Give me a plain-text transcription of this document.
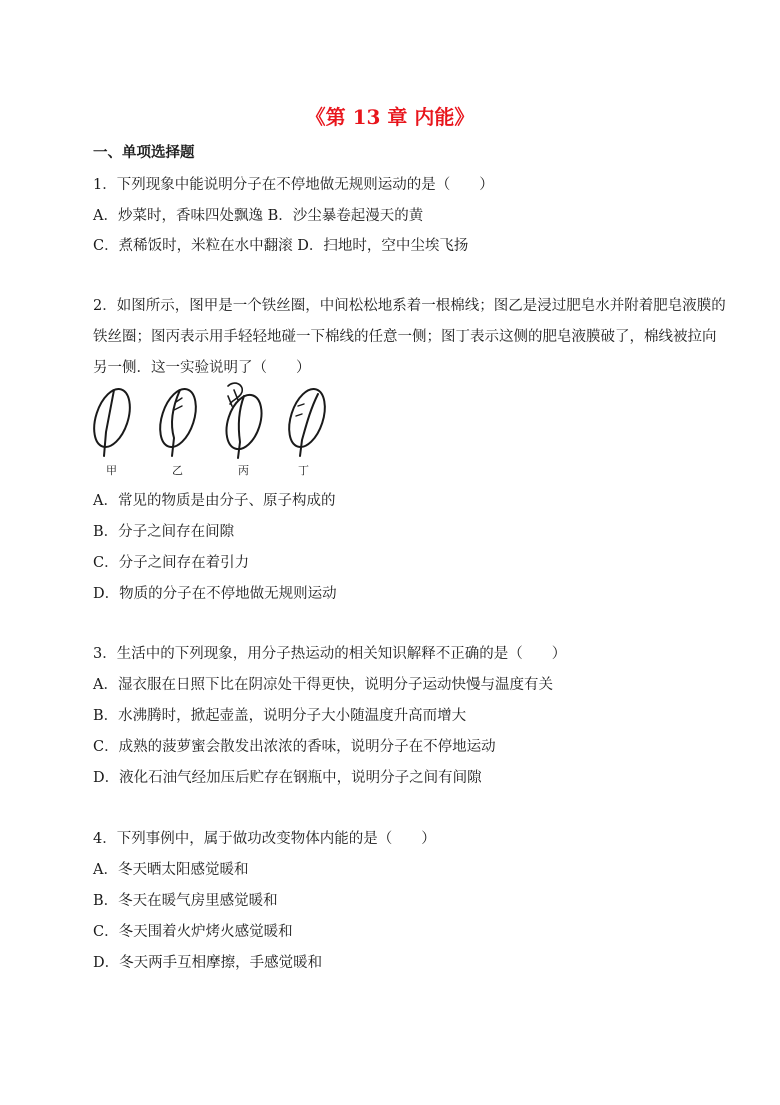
《第 13 章 内能》
一、单项选择题
1．下列现象中能说明分子在不停地做无规则运动的是（　　）
A．炒菜时，香味四处飘逸 B．沙尘暴卷起漫天的黄
C．煮稀饭时，米粒在水中翻滚 D．扫地时，空中尘埃飞扬
2．如图所示，图甲是一个铁丝圈，中间松松地系着一根棉线；图乙是浸过肥皂水并附着肥皂液膜的
铁丝圈；图丙表示用手轻轻地碰一下棉线的任意一侧；图丁表示这侧的肥皂液膜破了，棉线被拉向
另一侧．这一实验说明了（　　）
甲	乙	丙	丁
A．常见的物质是由分子、原子构成的
B．分子之间存在间隙
C．分子之间存在着引力
D．物质的分子在不停地做无规则运动
3．生活中的下列现象，用分子热运动的相关知识解释不正确的是（　　）
A．湿衣服在日照下比在阴凉处干得更快，说明分子运动快慢与温度有关
B．水沸腾时，掀起壶盖，说明分子大小随温度升高而增大
C．成熟的菠萝蜜会散发出浓浓的香味，说明分子在不停地运动
D．液化石油气经加压后贮存在钢瓶中，说明分子之间有间隙
4．下列事例中，属于做功改变物体内能的是（　　）
A．冬天晒太阳感觉暖和
B．冬天在暖气房里感觉暖和
C．冬天围着火炉烤火感觉暖和
D．冬天两手互相摩擦，手感觉暖和
